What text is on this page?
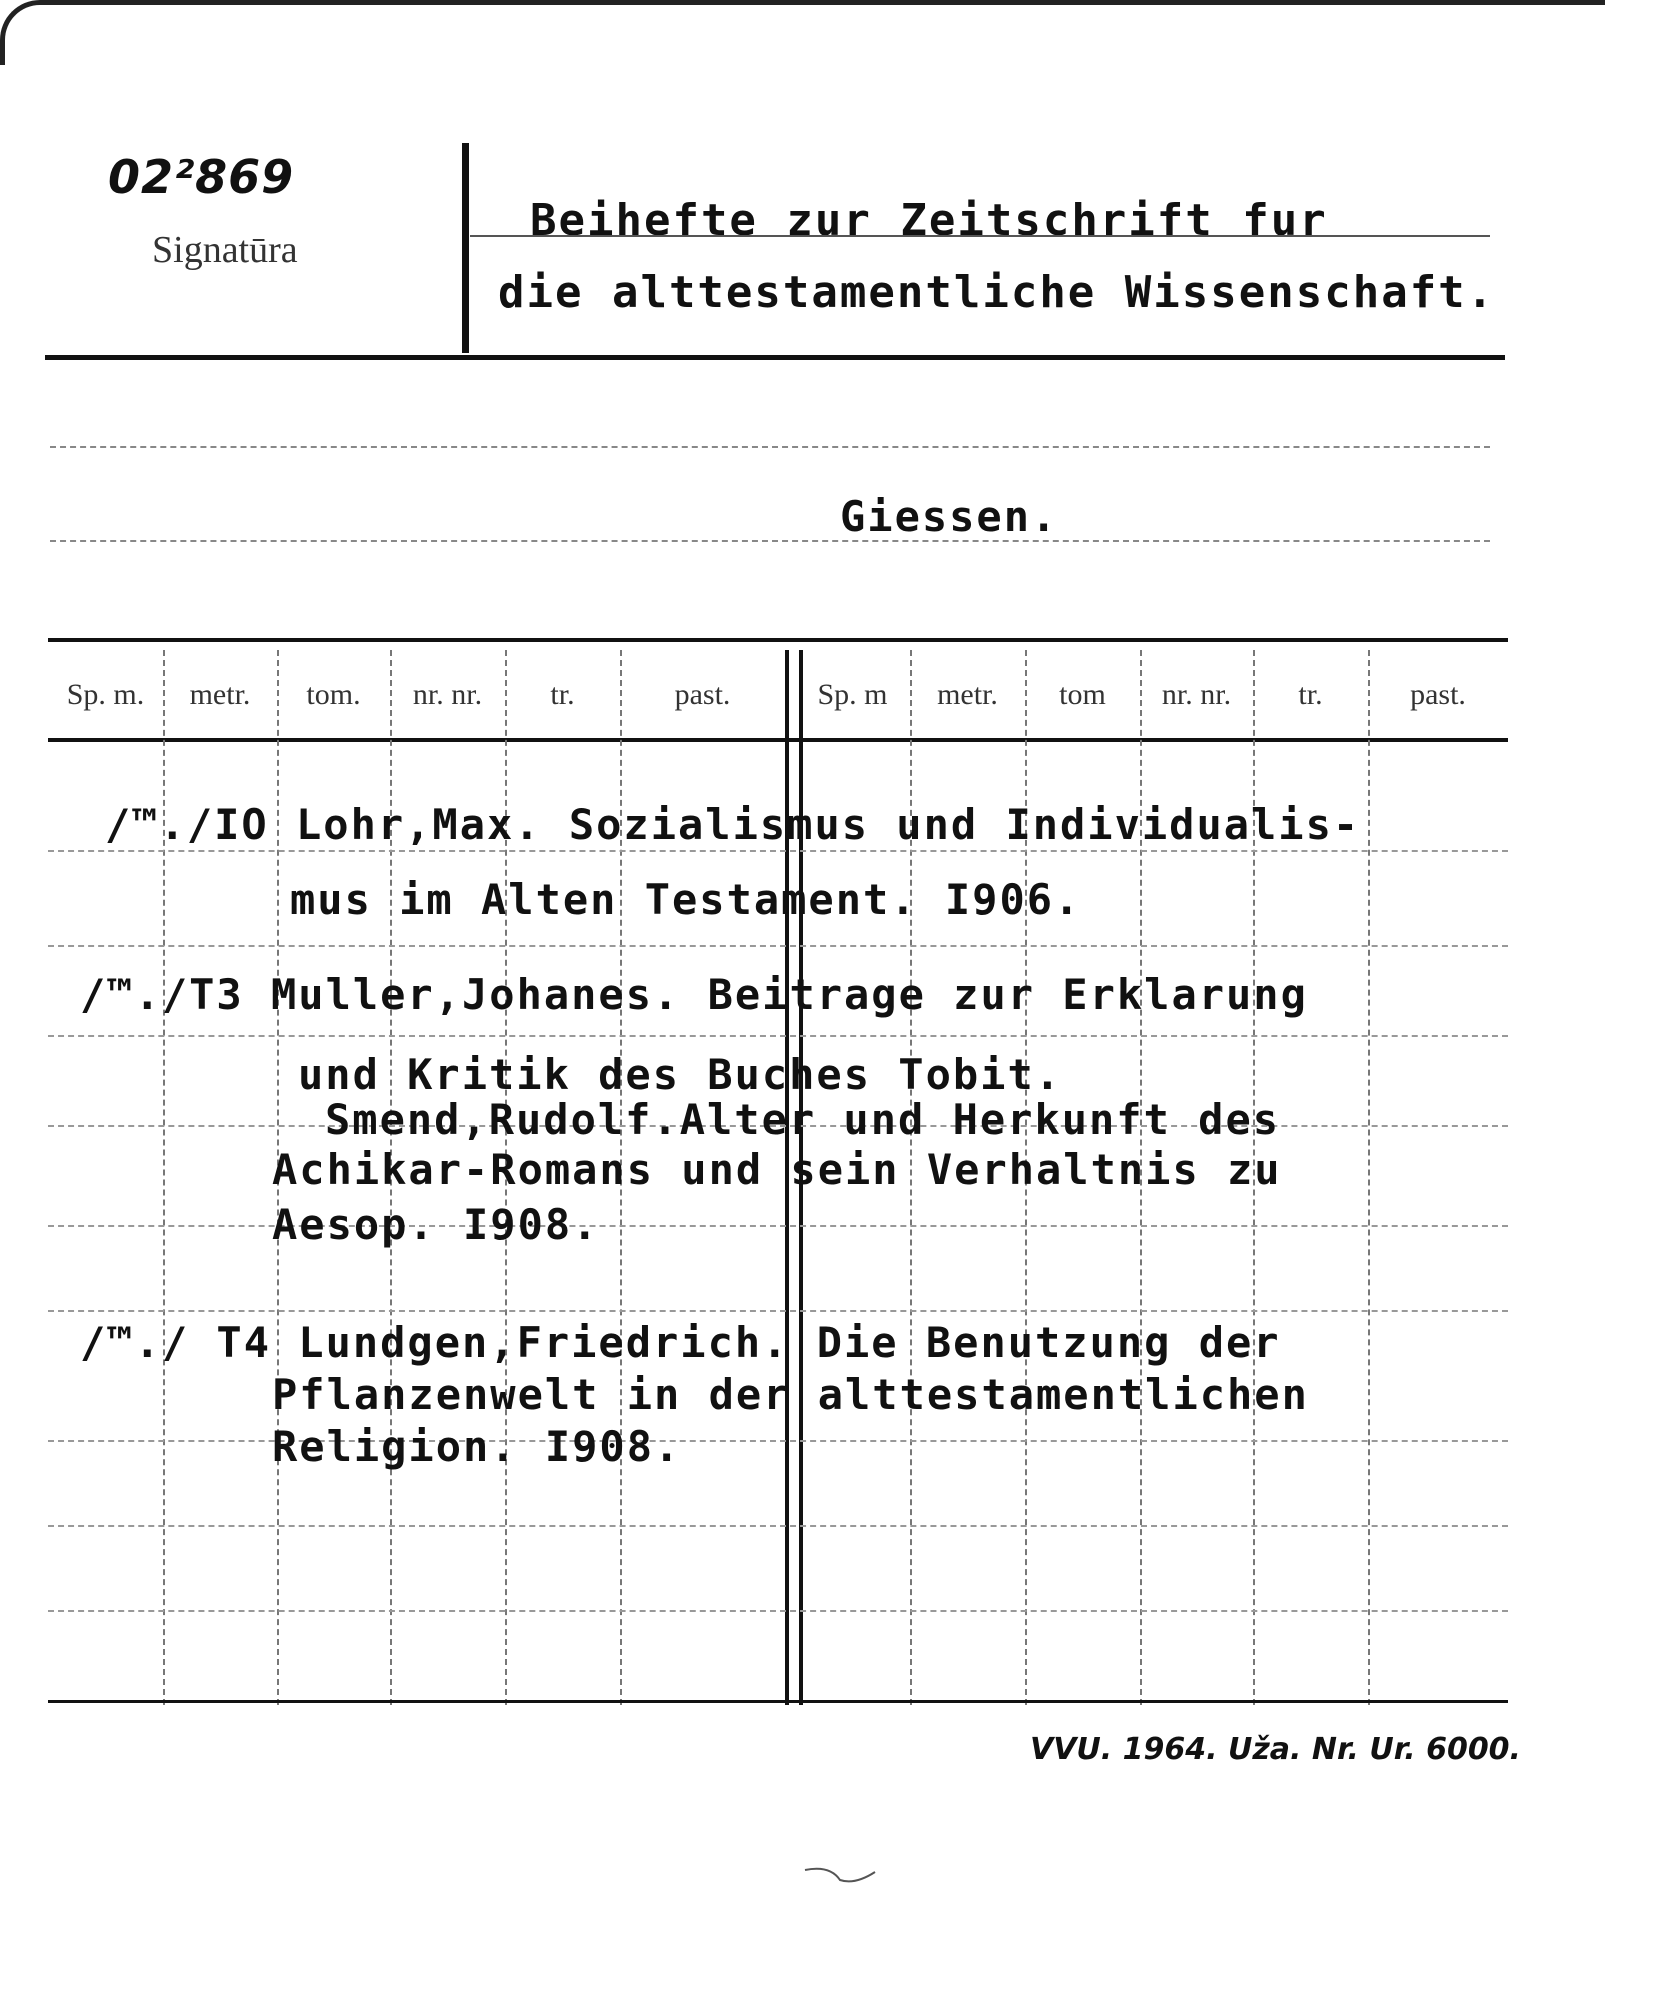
02²869
Signatūra
Beihefte zur Zeitschrift fur
die alttestamentliche Wissenschaft.
Giessen.
Sp. m.	metr.	tom.	nr. nr.	tr.	past.	Sp. m	metr.	tom	nr. nr.	tr.	past.
/™./IO Lohr,Max. Sozialismus und Individualis-
mus im Alten Testament. I906.
/™./T3 Muller,Johanes. Beitrage zur Erklarung
und Kritik des Buches Tobit.
Smend,Rudolf.Alter und Herkunft des
Achikar-Romans und sein Verhaltnis zu
Aesop. I908.
/™./ T4 Lundgen,Friedrich. Die Benutzung der
Pflanzenwelt in der alttestamentlichen
Religion. I908.
VVU. 1964. Uža. Nr. Ur. 6000.
